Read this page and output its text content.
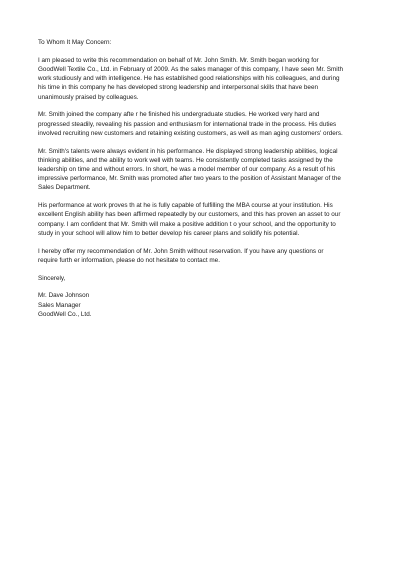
To Whom It May Concern:

I am pleased to write this recommendation on behalf of Mr. John Smith. Mr. Smith began working for
GoodWell Textile Co., Ltd. in February of 2009. As the sales manager of this company, I have seen Mr. Smith
work studiously and with intelligence. He has established good relationships with his colleagues, and during
his time in this company he has developed strong leadership and interpersonal skills that have been
unanimously praised by colleagues.

Mr. Smith joined the company afte r he finished his undergraduate studies. He worked very hard and
progressed steadily, revealing his passion and enthusiasm for international trade in the process. His duties
involved recruiting new customers and retaining existing customers, as well as man aging customers' orders.

Mr. Smith's talents were always evident in his performance. He displayed strong leadership abilities, logical
thinking abilities, and the ability to work well with teams. He consistently completed tasks assigned by the
leadership on time and without errors. In short, he was a model member of our company. As a result of his
impressive performance, Mr. Smith was promoted after two years to the position of Assistant Manager of the
Sales Department.

His performance at work proves th at he is fully capable of fulfilling the MBA course at your institution. His
excellent English ability has been affirmed repeatedly by our customers, and this has proven an asset to our
company. I am confident that Mr. Smith will make a positive addition t o your school, and the opportunity to
study in your school will allow him to better develop his career plans and solidify his potential.

I hereby offer my recommendation of Mr. John Smith without reservation. If you have any questions or
require furth er information, please do not hesitate to contact me.

Sincerely,

Mr. Dave Johnson
Sales Manager
GoodWell Co., Ltd.
